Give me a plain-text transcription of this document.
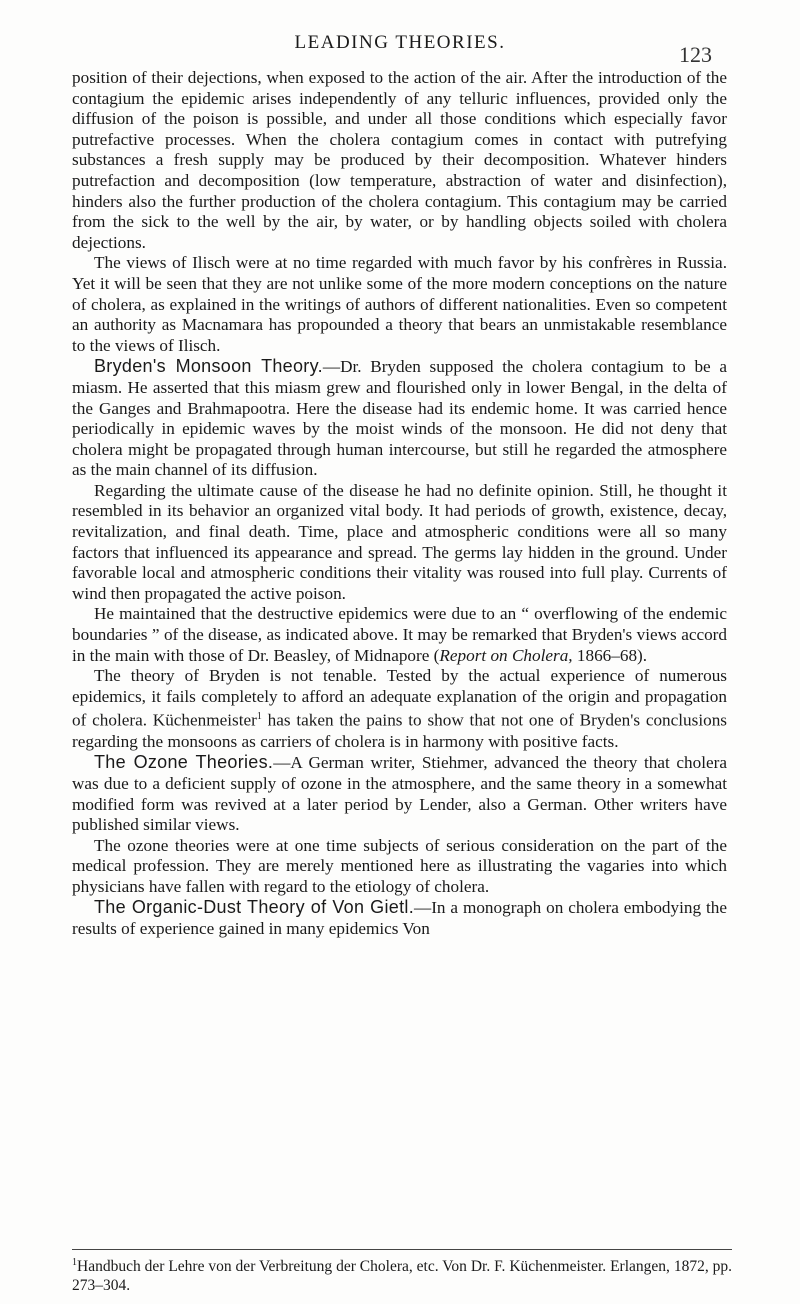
LEADING THEORIES.	123

position of their dejections, when exposed to the action of the air. After the introduction of the contagium the epidemic arises independently of any telluric influences, provided only the diffusion of the poison is possible, and under all those conditions which especially favor putrefactive processes. When the cholera contagium comes in contact with putrefying substances a fresh supply may be produced by their decomposition. Whatever hinders putrefaction and decomposition (low temperature, abstraction of water and disinfection), hinders also the further production of the cholera contagium. This contagium may be carried from the sick to the well by the air, by water, or by handling objects soiled with cholera dejections.

The views of Ilisch were at no time regarded with much favor by his confrères in Russia. Yet it will be seen that they are not unlike some of the more modern conceptions on the nature of cholera, as explained in the writings of authors of different nationalities. Even so competent an authority as Macnamara has propounded a theory that bears an unmistakable resemblance to the views of Ilisch.

Bryden's Monsoon Theory.—Dr. Bryden supposed the cholera contagium to be a miasm. He asserted that this miasm grew and flourished only in lower Bengal, in the delta of the Ganges and Brahmapootra. Here the disease had its endemic home. It was carried hence periodically in epidemic waves by the moist winds of the monsoon. He did not deny that cholera might be propagated through human intercourse, but still he regarded the atmosphere as the main channel of its diffusion.

Regarding the ultimate cause of the disease he had no definite opinion. Still, he thought it resembled in its behavior an organized vital body. It had periods of growth, existence, decay, revitalization, and final death. Time, place and atmospheric conditions were all so many factors that influenced its appearance and spread. The germs lay hidden in the ground. Under favorable local and atmospheric conditions their vitality was roused into full play. Currents of wind then propagated the active poison.

He maintained that the destructive epidemics were due to an “ overflowing of the endemic boundaries ” of the disease, as indicated above. It may be remarked that Bryden's views accord in the main with those of Dr. Beasley, of Midnapore (Report on Cholera, 1866–68).

The theory of Bryden is not tenable. Tested by the actual experience of numerous epidemics, it fails completely to afford an adequate explanation of the origin and propagation of cholera. Küchenmeister$^1$ has taken the pains to show that not one of Bryden's conclusions regarding the monsoons as carriers of cholera is in harmony with positive facts.

The Ozone Theories.—A German writer, Stiehmer, advanced the theory that cholera was due to a deficient supply of ozone in the atmosphere, and the same theory in a somewhat modified form was revived at a later period by Lender, also a German. Other writers have published similar views.

The ozone theories were at one time subjects of serious consideration on the part of the medical profession. They are merely mentioned here as illustrating the vagaries into which physicians have fallen with regard to the etiology of cholera.

The Organic-Dust Theory of Von Gietl.—In a monograph on cholera embodying the results of experience gained in many epidemics Von

$^1$Handbuch der Lehre von der Verbreitung der Cholera, etc. Von Dr. F. Küchenmeister. Erlangen, 1872, pp. 273–304.
